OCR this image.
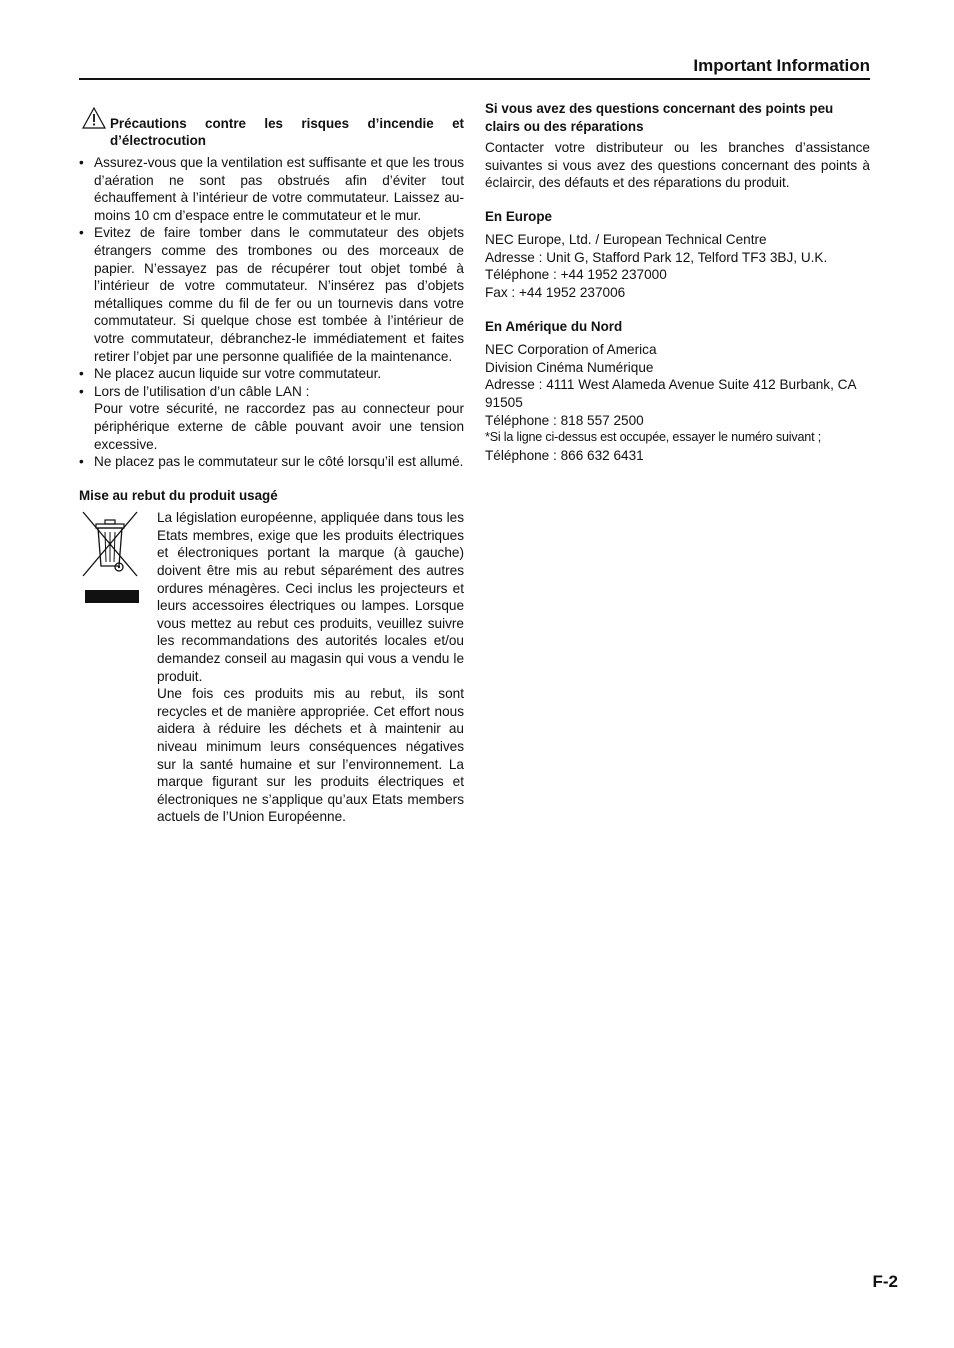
Important Information
Précautions contre les risques d’incendie et d’électrocution
• Assurez-vous que la ventilation est suffisante et que les trous d’aération ne sont pas obstrués afin d’éviter tout échauffement à l’intérieur de votre commutateur. Laissez au-moins 10 cm d’espace entre le commutateur et le mur.
• Evitez de faire tomber dans le commutateur des objets étrangers comme des trombones ou des morceaux de papier. N’essayez pas de récupérer tout objet tombé à l’intérieur de votre commutateur. N’insérez pas d’objets métalliques comme du fil de fer ou un tournevis dans votre commutateur. Si quelque chose est tombée à l’intérieur de votre commutateur, débranchez-le immédiatement et faites retirer l’objet par une personne qualifiée de la maintenance.
• Ne placez aucun liquide sur votre commutateur.
• Lors de l’utilisation d’un câble LAN :
Pour votre sécurité, ne raccordez pas au connecteur pour périphérique externe de câble pouvant avoir une tension excessive.
• Ne placez pas le commutateur sur le côté lorsqu’il est allumé.
Mise au rebut du produit usagé

La législation européenne, appliquée dans tous les Etats membres, exige que les produits électriques et électroniques portant la marque (à gauche) doivent être mis au rebut séparément des autres ordures ménagères. Ceci inclus les projecteurs et leurs accessoires électriques ou lampes. Lorsque vous mettez au rebut ces produits, veuillez suivre les recommandations des autorités locales et/ou demandez conseil au magasin qui vous a vendu le produit.

Une fois ces produits mis au rebut, ils sont recycles et de manière appropriée. Cet effort nous aidera à réduire les déchets et à maintenir au niveau minimum leurs conséquences négatives sur la santé humaine et sur l’environnement. La marque figurant sur les produits électriques et électroniques ne s’applique qu’aux Etats members actuels de l’Union Européenne.

Si vous avez des questions concernant des points peu clairs ou des réparations

Contacter votre distributeur ou les branches d’assistance suivantes si vous avez des questions concernant des points à éclaircir, des défauts et des réparations du produit.

En Europe
NEC Europe, Ltd. / European Technical Centre
Adresse : Unit G, Stafford Park 12, Telford TF3 3BJ, U.K.
Téléphone : +44 1952 237000
Fax : +44 1952 237006
En Amérique du Nord
NEC Corporation of America
Division Cinéma Numérique
Adresse : 4111 West Alameda Avenue Suite 412 Burbank, CA 91505
Téléphone : 818 557 2500
*Si la ligne ci-dessus est occupée, essayer le numéro suivant ;
Téléphone : 866 632 6431
F-2
